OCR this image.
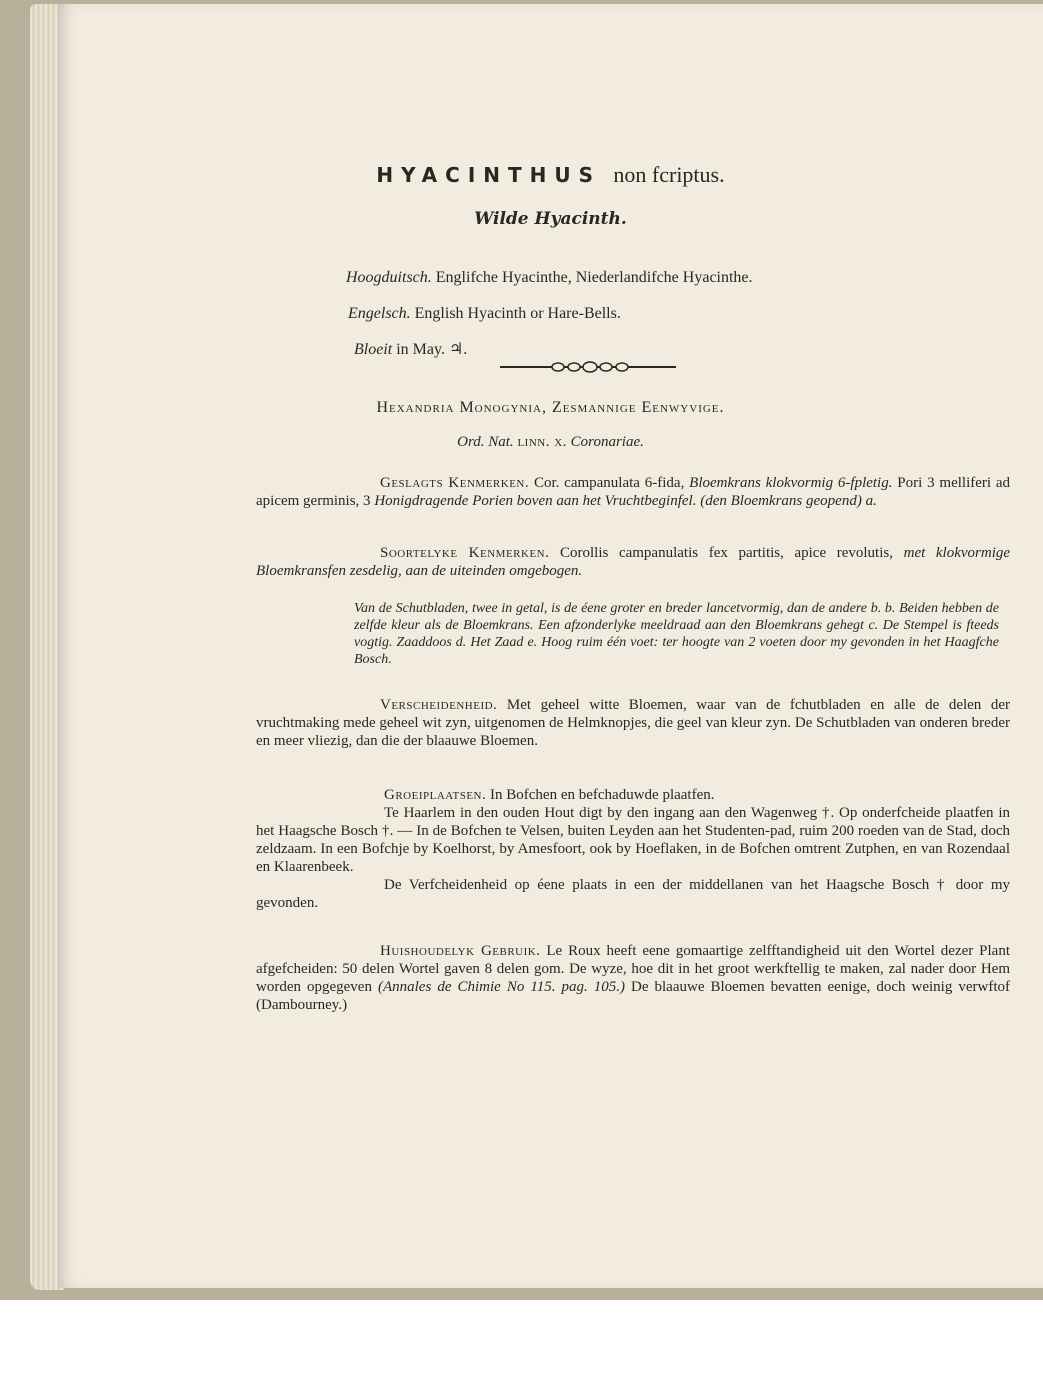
HYACINTHUS non fcriptus.
Wilde Hyacinth.
Hoogduitsch. Englifche Hyacinthe, Niederlandifche Hyacinthe.
Engelsch. English Hyacinth or Hare-Bells.
Bloeit in May. ♃.
Hexandria Monogynia, Zesmannige Eenwyvige.
Ord. Nat. linn. x. Coronariae.
Geslagts Kenmerken. Cor. campanulata 6-fida, Bloemkrans klokvormig 6-fpletig. Pori 3 melliferi ad apicem germinis, 3 Honigdragende Porien boven aan het Vruchtbeginfel. (den Bloemkrans geopend) a.
Soortelyke Kenmerken. Corollis campanulatis fex partitis, apice revolutis, met klokvormige Bloemkransfen zesdelig, aan de uiteinden omgebogen.
Van de Schutbladen, twee in getal, is de éene groter en breder lancetvormig, dan de andere b. b. Beiden hebben de zelfde kleur als de Bloemkrans. Een afzonderlyke meeldraad aan den Bloemkrans gehegt c. De Stempel is fteeds vogtig. Zaaddoos d. Het Zaad e. Hoog ruim één voet: ter hoogte van 2 voeten door my gevonden in het Haagfche Bosch.
Verscheidenheid. Met geheel witte Bloemen, waar van de fchutbladen en alle de delen der vruchtmaking mede geheel wit zyn, uitgenomen de Helmknopjes, die geel van kleur zyn. De Schutbladen van onderen breder en meer vliezig, dan die der blaauwe Bloemen.
Groeiplaatsen. In Bofchen en befchaduwde plaatfen.
Te Haarlem in den ouden Hout digt by den ingang aan den Wagenweg †. Op onderfcheide plaatfen in het Haagsche Bosch †. — In de Bofchen te Velsen, buiten Leyden aan het Studenten-pad, ruim 200 roeden van de Stad, doch zeldzaam. In een Bofchje by Koelhorst, by Amesfoort, ook by Hoeflaken, in de Bofchen omtrent Zutphen, en van Rozendaal en Klaarenbeek.
De Verfcheidenheid op éene plaats in een der middellanen van het Haagsche Bosch † door my gevonden.
Huishoudelyk Gebruik. Le Roux heeft eene gomaartige zelfftandigheid uit den Wortel dezer Plant afgefcheiden: 50 delen Wortel gaven 8 delen gom. De wyze, hoe dit in het groot werkftellig te maken, zal nader door Hem worden opgegeven (Annales de Chimie No 115. pag. 105.) De blaauwe Bloemen bevatten eenige, doch weinig verwftof (Dambourney.)
